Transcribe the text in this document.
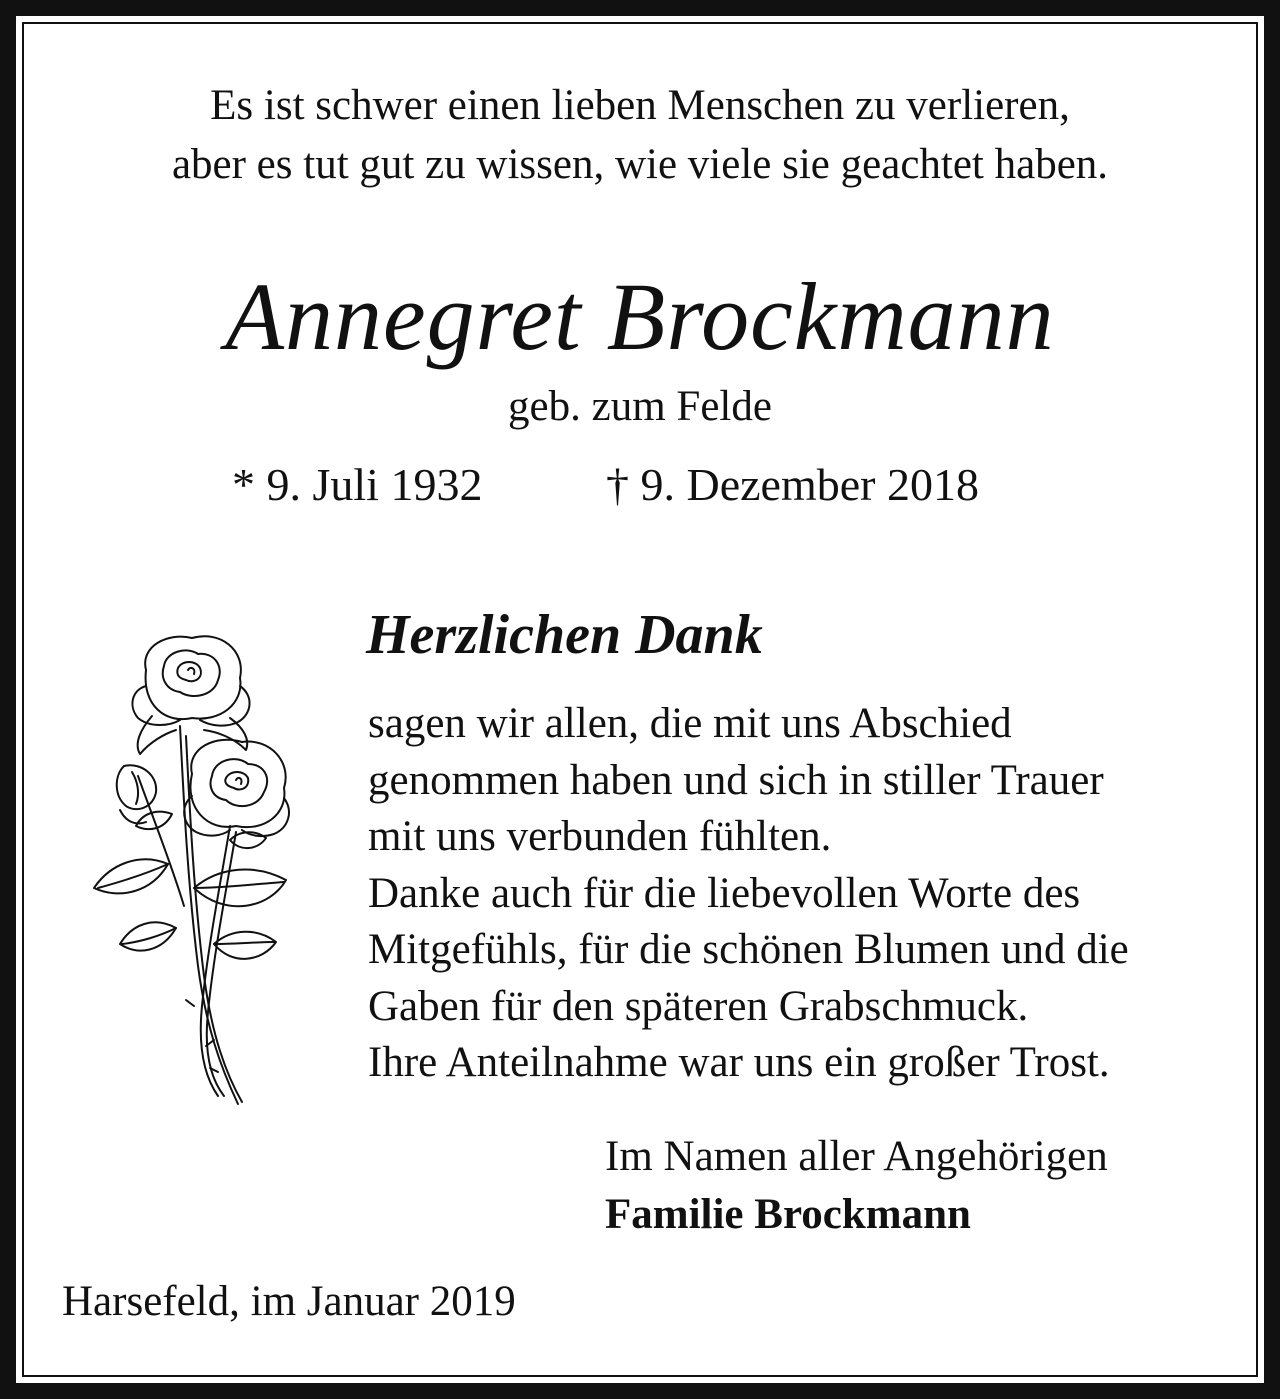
Es ist schwer einen lieben Menschen zu verlieren,
aber es tut gut zu wissen, wie viele sie geachtet haben.
Annegret Brockmann
geb. zum Felde
* 9. Juli 1932	† 9. Dezember 2018
Herzlichen Dank
sagen wir allen, die mit uns Abschied
genommen haben und sich in stiller Trauer
mit uns verbunden fühlten.
Danke auch für die liebevollen Worte des
Mitgefühls, für die schönen Blumen und die
Gaben für den späteren Grabschmuck.
Ihre Anteilnahme war uns ein großer Trost.
Im Namen aller Angehörigen
Familie Brockmann
Harsefeld, im Januar 2019
